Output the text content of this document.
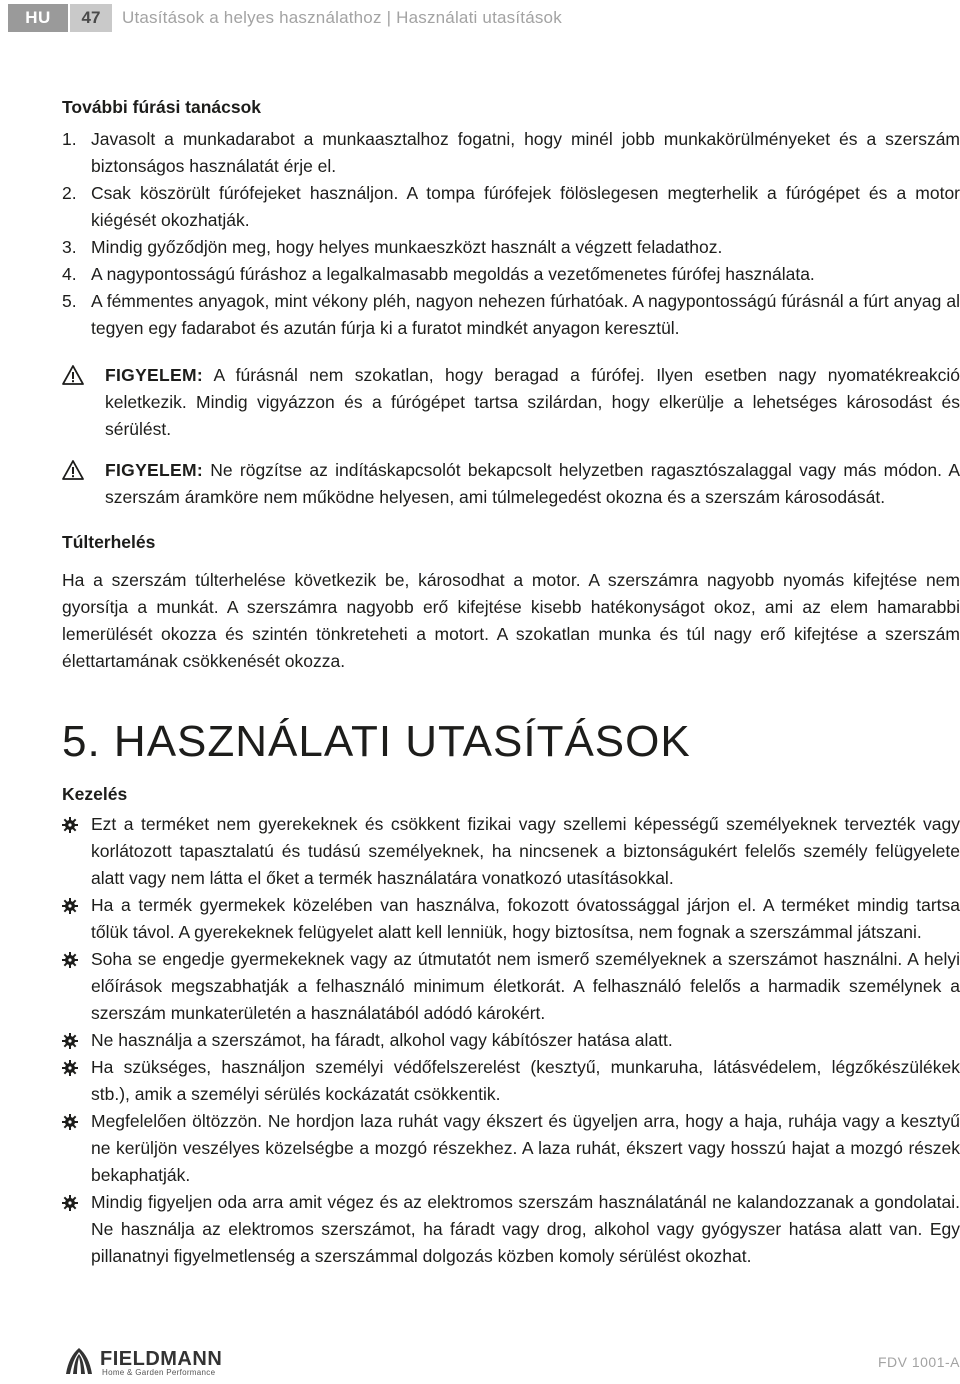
HU	47	Utasítások a helyes használathoz | Használati utasítások
További fúrási tanácsok
1. Javasolt a munkadarabot a munkaasztalhoz fogatni, hogy minél jobb munkakörülményeket és a szerszám biztonságos használatát érje el.
2. Csak köszörült fúrófejeket használjon. A tompa fúrófejek fölöslegesen megterhelik a fúrógépet és a motor kiégését okozhatják.
3. Mindig győződjön meg, hogy helyes munkaeszközt használt a végzett feladathoz.
4. A nagypontosságú fúráshoz a legalkalmasabb megoldás a vezetőmenetes fúrófej használata.
5. A fémmentes anyagok, mint vékony pléh, nagyon nehezen fúrhatóak. A nagypontosságú fúrásnál a fúrt anyag al tegyen egy fadarabot és azután fúrja ki a furatot mindkét anyagon keresztül.
FIGYELEM: A fúrásnál nem szokatlan, hogy beragad a fúrófej. Ilyen esetben nagy nyomatékreakció keletkezik. Mindig vigyázzon és a fúrógépet tartsa szilárdan, hogy elkerülje a lehetséges károsodást és sérülést.
FIGYELEM: Ne rögzítse az indításkapcsolót bekapcsolt helyzetben ragasztószalaggal vagy más módon. A szerszám áramköre nem működne helyesen, ami túlmelegedést okozna és a szerszám károsodását.
Túlterhelés

Ha a szerszám túlterhelése következik be, károsodhat a motor. A szerszámra nagyobb nyomás kifejtése nem gyorsítja a munkát. A szerszámra nagyobb erő kifejtése kisebb hatékonyságot okoz, ami az elem hamarabbi lemerülését okozza és szintén tönkreteheti a motort. A szokatlan munka és túl nagy erő kifejtése a szerszám élettartamának csökkenését okozza.

5. HASZNÁLATI UTASÍTÁSOK
Kezelés
Ezt a terméket nem gyerekeknek és csökkent fizikai vagy szellemi képességű személyeknek tervezték vagy korlátozott tapasztalatú és tudású személyeknek, ha nincsenek a biztonságukért felelős személy felügyelete alatt vagy nem látta el őket a termék használatára vonatkozó utasításokkal.
Ha a termék gyermekek közelében van használva, fokozott óvatossággal járjon el. A terméket mindig tartsa tőlük távol. A gyerekeknek felügyelet alatt kell lenniük, hogy biztosítsa, nem fognak a szerszámmal játszani.
Soha se engedje gyermekeknek vagy az útmutatót nem ismerő személyeknek a szerszámot használni. A helyi előírások megszabhatják a felhasználó minimum életkorát. A felhasználó felelős a harmadik személynek a szerszám munkaterületén a használatából adódó károkért.
Ne használja a szerszámot, ha fáradt, alkohol vagy kábítószer hatása alatt.
Ha szükséges, használjon személyi védőfelszerelést (kesztyű, munkaruha, látásvédelem, légzőkészülékek stb.), amik a személyi sérülés kockázatát csökkentik.
Megfelelően öltözzön. Ne hordjon laza ruhát vagy ékszert és ügyeljen arra, hogy a haja, ruhája vagy a kesztyű ne kerüljön veszélyes közelségbe a mozgó részekhez. A laza ruhát, ékszert vagy hosszú hajat a mozgó részek bekaphatják.
Mindig figyeljen oda arra amit végez és az elektromos szerszám használatánál ne kalandozzanak a gondolatai. Ne használja az elektromos szerszámot, ha fáradt vagy drog, alkohol vagy gyógyszer hatása alatt van. Egy pillanatnyi figyelmetlenség a szerszámmal dolgozás közben komoly sérülést okozhat.
FIELDMANN
Home & Garden Performance
FDV 1001-A
